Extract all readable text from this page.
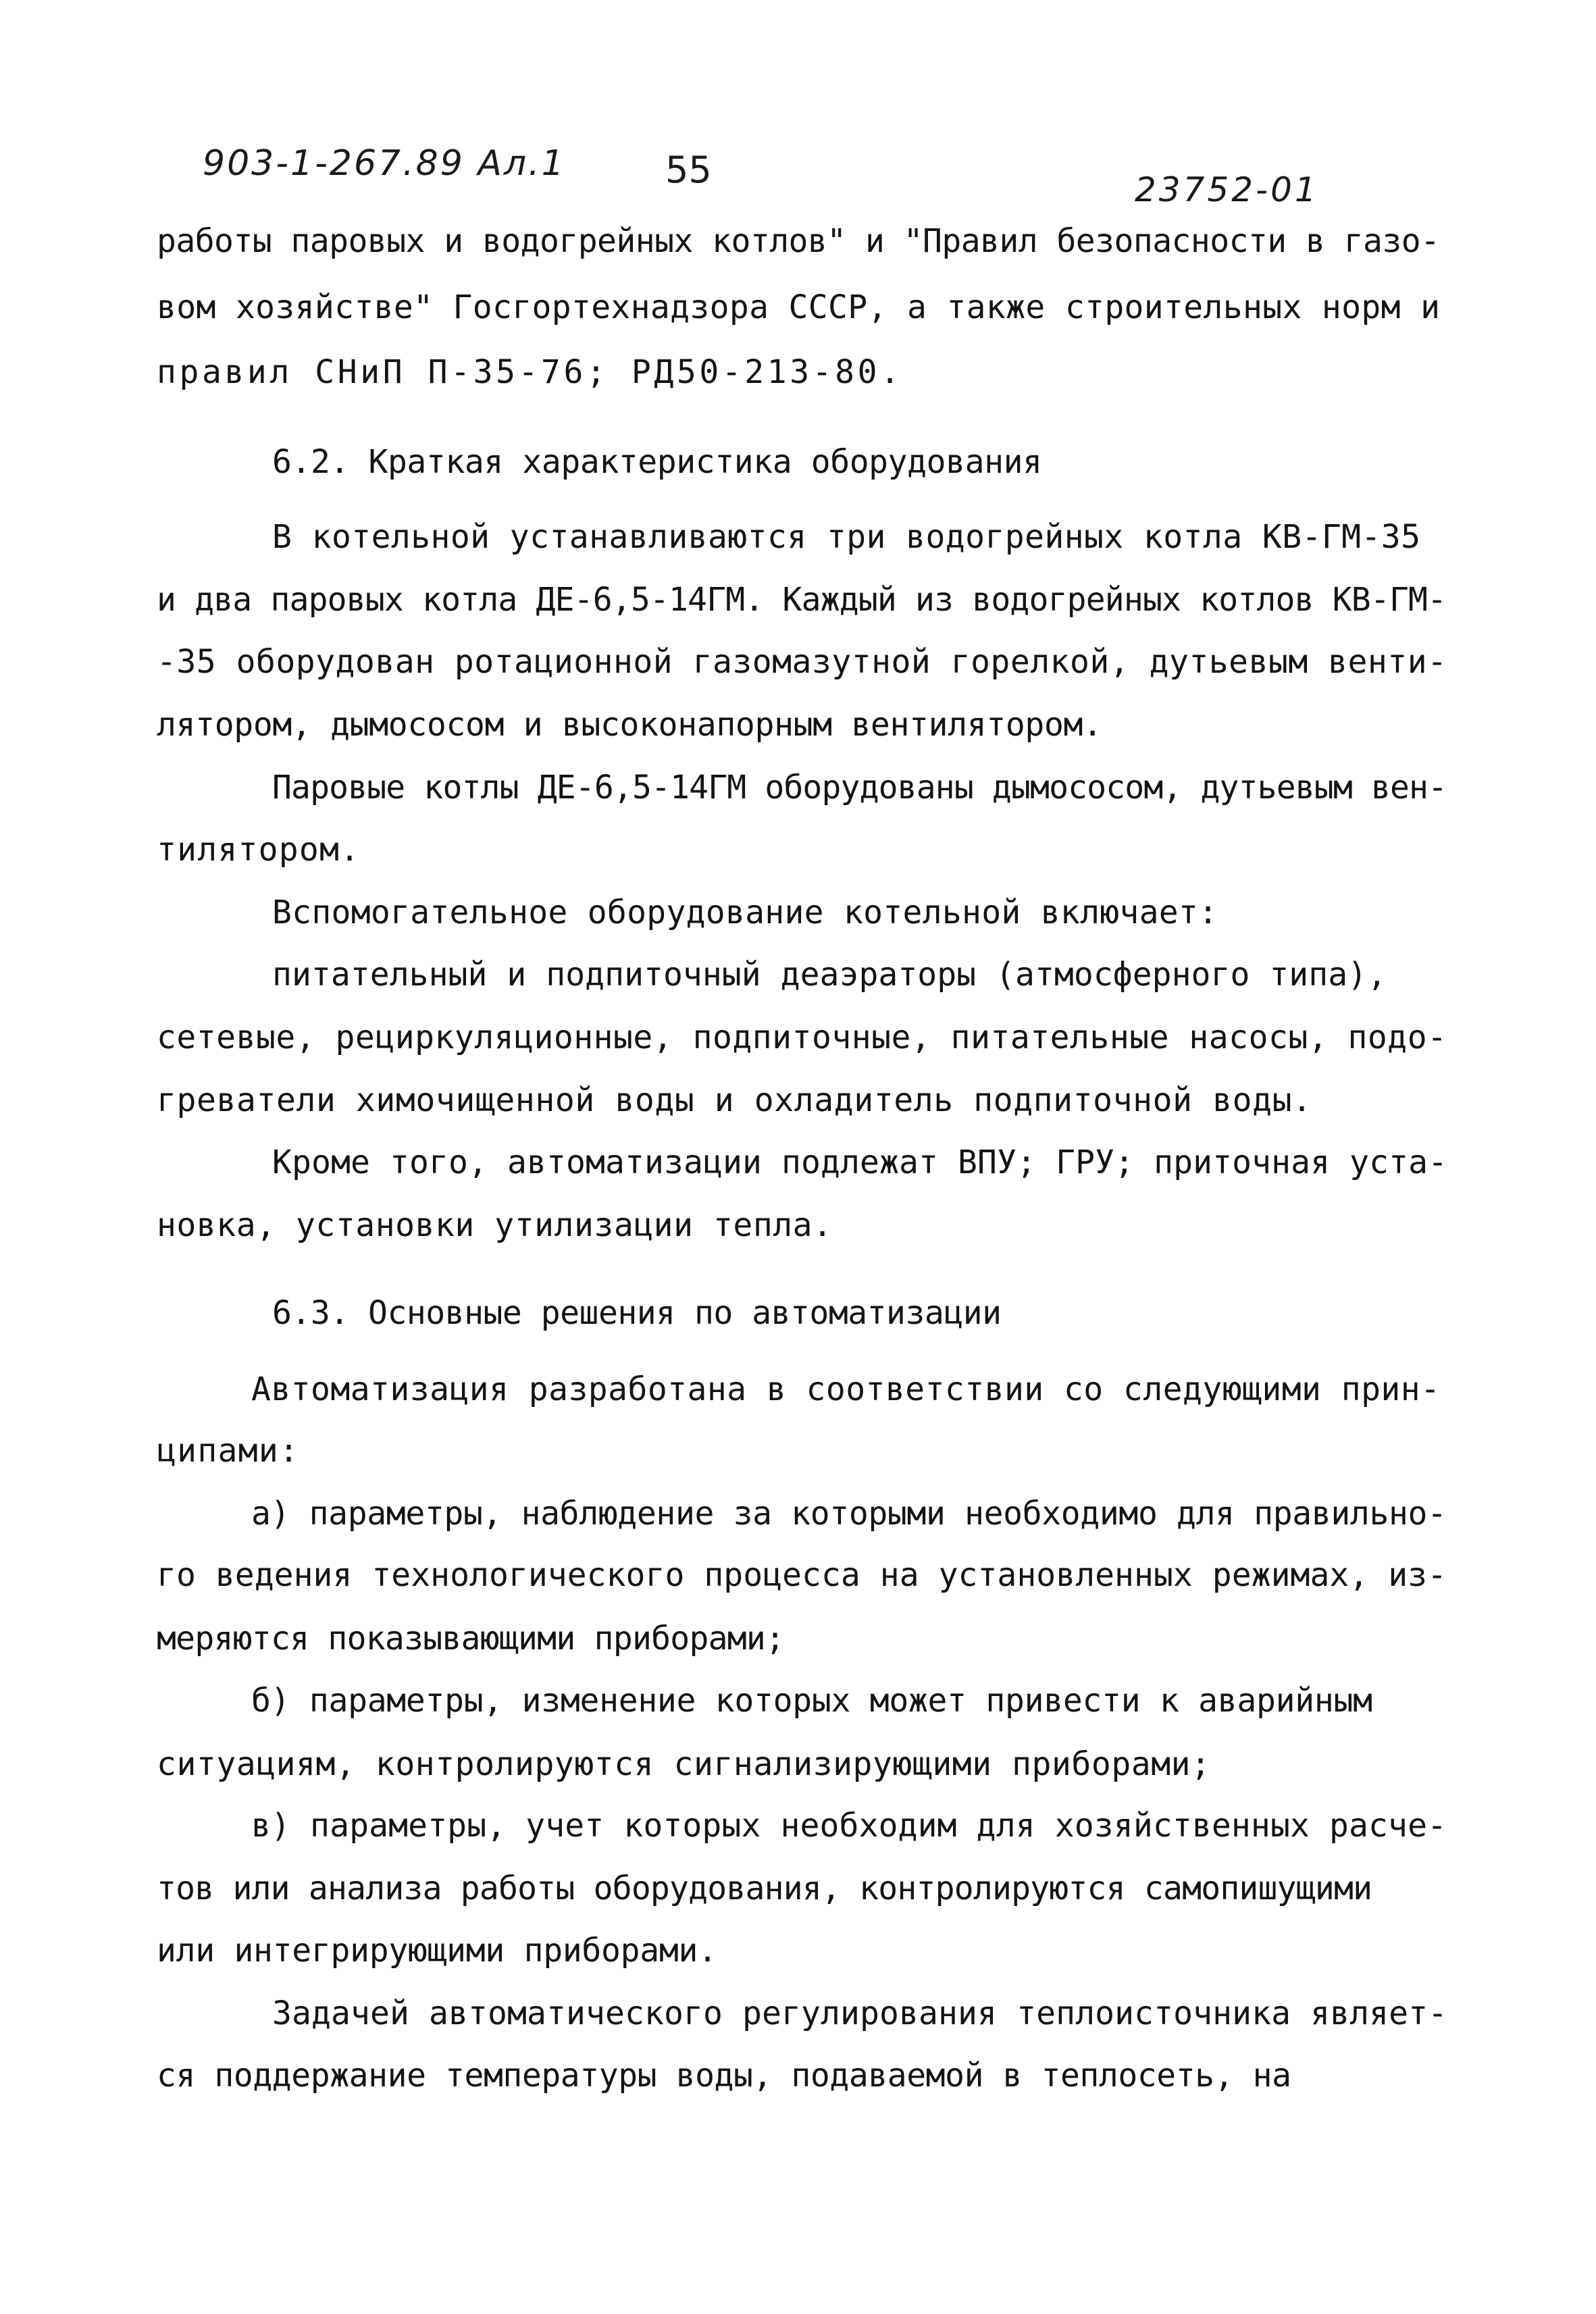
903-1-267.89 Ал.1	55	23752-01
работы паровых и водогрейных котлов" и "Правил безопасности в газо-
вом хозяйстве" Госгортехнадзора СССР, а также строительных норм и
правил СНиП П-35-76; РД50-213-80.
6.2. Краткая характеристика оборудования
В котельной устанавливаются три водогрейных котла КВ-ГМ-35
и два паровых котла ДЕ-6,5-14ГМ. Каждый из водогрейных котлов КВ-ГМ-
-35 оборудован ротационной газомазутной горелкой, дутьевым венти-
лятором, дымососом и высоконапорным вентилятором.
Паровые котлы ДЕ-6,5-14ГМ оборудованы дымососом, дутьевым вен-
тилятором.
Вспомогательное оборудование котельной включает:
питательный и подпиточный деаэраторы (атмосферного типа),
сетевые, рециркуляционные, подпиточные, питательные насосы, подо-
греватели химочищенной воды и охладитель подпиточной воды.
Кроме того, автоматизации подлежат ВПУ; ГРУ; приточная уста-
новка, установки утилизации тепла.
6.3. Основные решения по автоматизации
Автоматизация разработана в соответствии со следующими прин-
ципами:
а) параметры, наблюдение за которыми необходимо для правильно-
го ведения технологического процесса на установленных режимах, из-
меряются показывающими приборами;
б) параметры, изменение которых может привести к аварийным
ситуациям, контролируются сигнализирующими приборами;
в) параметры, учет которых необходим для хозяйственных расче-
тов или анализа работы оборудования, контролируются самопишущими
или интегрирующими приборами.
Задачей автоматического регулирования теплоисточника являет-
ся поддержание температуры воды, подаваемой в теплосеть, на
